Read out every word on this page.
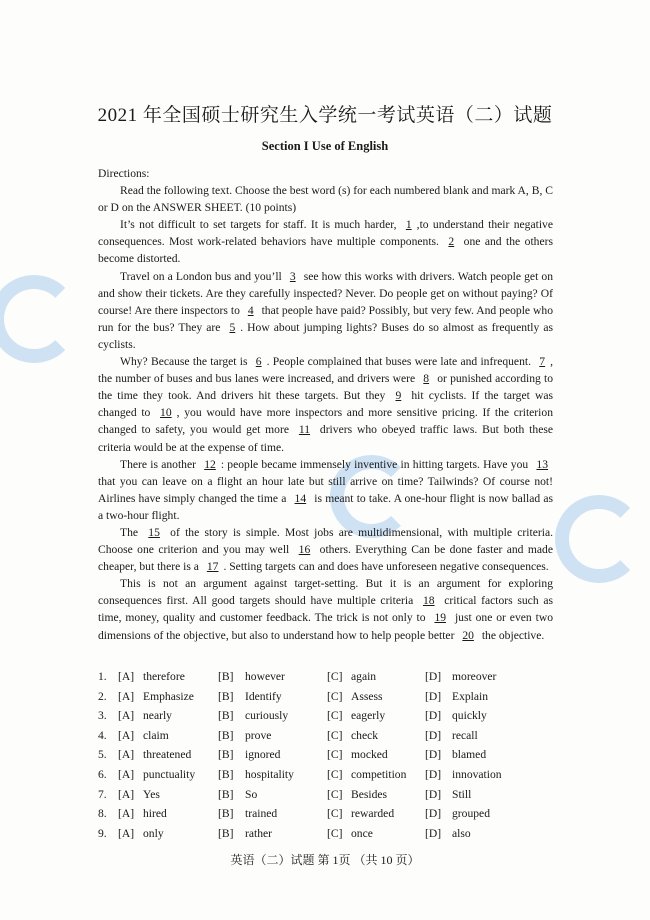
2021 年全国硕士研究生入学统一考试英语（二）试题
Section I Use of English

Directions:

Read the following text. Choose the best word (s) for each numbered blank and mark A, B, C or D on the ANSWER SHEET. (10 points)

It’s not difficult to set targets for staff. It is much harder, 1 ,to understand their negative consequences. Most work-related behaviors have multiple components. 2 one and the others become distorted.

Travel on a London bus and you’ll 3 see how this works with drivers. Watch people get on and show their tickets. Are they carefully inspected? Never. Do people get on without paying? Of course! Are there inspectors to 4 that people have paid? Possibly, but very few. And people who run for the bus? They are 5 . How about jumping lights? Buses do so almost as frequently as cyclists.

Why? Because the target is 6 . People complained that buses were late and infrequent. 7 , the number of buses and bus lanes were increased, and drivers were 8 or punished according to the time they took. And drivers hit these targets. But they 9 hit cyclists. If the target was changed to 10 , you would have more inspectors and more sensitive pricing. If the criterion changed to safety, you would get more 11 drivers who obeyed traffic laws. But both these criteria would be at the expense of time.

There is another 12 : people became immensely inventive in hitting targets. Have you 13 that you can leave on a flight an hour late but still arrive on time? Tailwinds? Of course not! Airlines have simply changed the time a 14 is meant to take. A one-hour flight is now ballad as a two-hour flight.

The 15 of the story is simple. Most jobs are multidimensional, with multiple criteria. Choose one criterion and you may well 16 others. Everything Can be done faster and made cheaper, but there is a 17 . Setting targets can and does have unforeseen negative consequences.

This is not an argument against target-setting. But it is an argument for exploring consequences first. All good targets should have multiple criteria 18 critical factors such as time, money, quality and customer feedback. The trick is not only to 19 just one or even two dimensions of the objective, but also to understand how to help people better 20 the objective.

1. [A] therefore	[B] however	[C] again	[D] moreover
2. [A] Emphasize [B] Identify	[C] Assess	[D] Explain
3. [A] nearly	[B] curiously	[C] eagerly	[D] quickly
4. [A] claim	[B] prove	[C] check	[D] recall
5. [A] threatened [B] ignored	[C] mocked	[D] blamed
6. [A] punctuality [B] hospitality	[C] competition [D] innovation
7. [A] Yes	[B] So	[C] Besides	[D] Still
8. [A] hired	[B] trained	[C] rewarded	[D] grouped
9. [A] only	[B] rather	[C] once	[D] also
英语（二）试题 第 1页 （共 10 页）
